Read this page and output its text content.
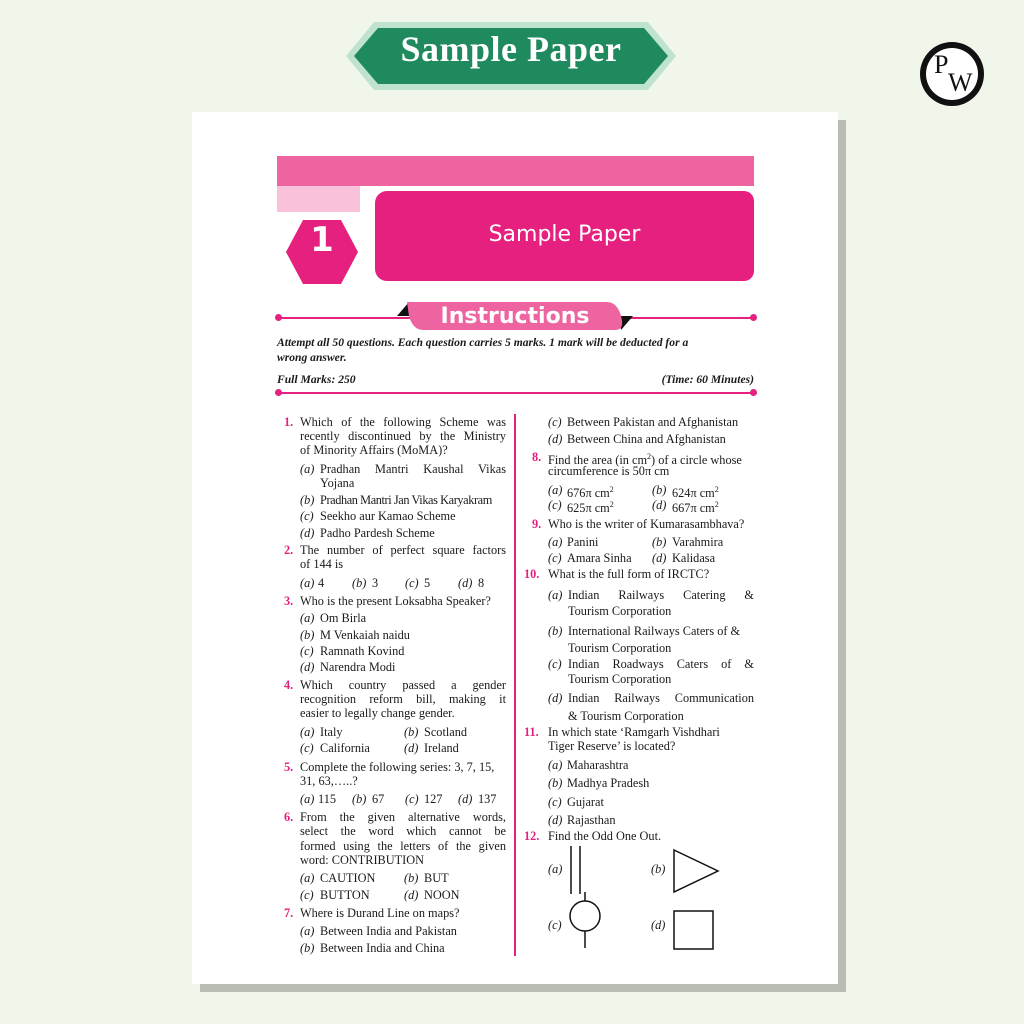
Sample Paper	P
W
Sample Paper
1
Instructions
Attempt all 50 questions. Each question carries 5 marks. 1 mark will be deducted for a
wrong answer.
Full Marks: 250	(Time: 60 Minutes)
1. Which of the following Scheme was
recently discontinued by the Ministry
of Minority Affairs (MoMA)?
(a) Pradhan Mantri Kaushal Vikas
Yojana
(b) Pradhan Mantri Jan Vikas Karyakram
(c) Seekho aur Kamao Scheme
(d) Padho Pardesh Scheme
2. The number of perfect square factors
of 144 is
(a) 4 (b) 3 (c) 5 (d) 8
3. Who is the present Loksabha Speaker?
(a) Om Birla
(b) M Venkaiah naidu
(c) Ramnath Kovind
(d) Narendra Modi
4. Which country passed a gender
recognition reform bill, making it
easier to legally change gender.
(a) Italy	(b) Scotland
(c) California	(d) Ireland
5. Complete the following series: 3, 7, 15,
31, 63,…..?
(a) 115 (b) 67 (c) 127 (d) 137
6. From the given alternative words,
select the word which cannot be
formed using the letters of the given
word: CONTRIBUTION
(a) CAUTION (b) BUT
(c) BUTTON	(d) NOON
7. Where is Durand Line on maps?
(a) Between India and Pakistan
(b) Between India and China
(c) Between Pakistan and Afghanistan
(d) Between China and Afghanistan
8. Find the area (in $cm^2$) of a circle whose
circumference is 50π cm
(a) 676π $cm^2$	(b) 624π $cm^2$
(c) 625π $cm^2$	(d) 667π $cm^2$
9. Who is the writer of Kumarasambhava?
(a) Panini	(b) Varahmira
(c) Amara Sinha (d) Kalidasa
10. What is the full form of IRCTC?
(a) Indian Railways Catering &
Tourism Corporation
(b) International Railways Caters of &
Tourism Corporation
(c) Indian Roadways Caters of &
Tourism Corporation
(d) Indian Railways Communication
& Tourism Corporation
11. In which state ‘Ramgarh Vishdhari
Tiger Reserve’ is located?
(a) Maharashtra
(b) Madhya Pradesh
(c) Gujarat
(d) Rajasthan
12. Find the Odd One Out.
(a)	(b)
(c)	(d)
